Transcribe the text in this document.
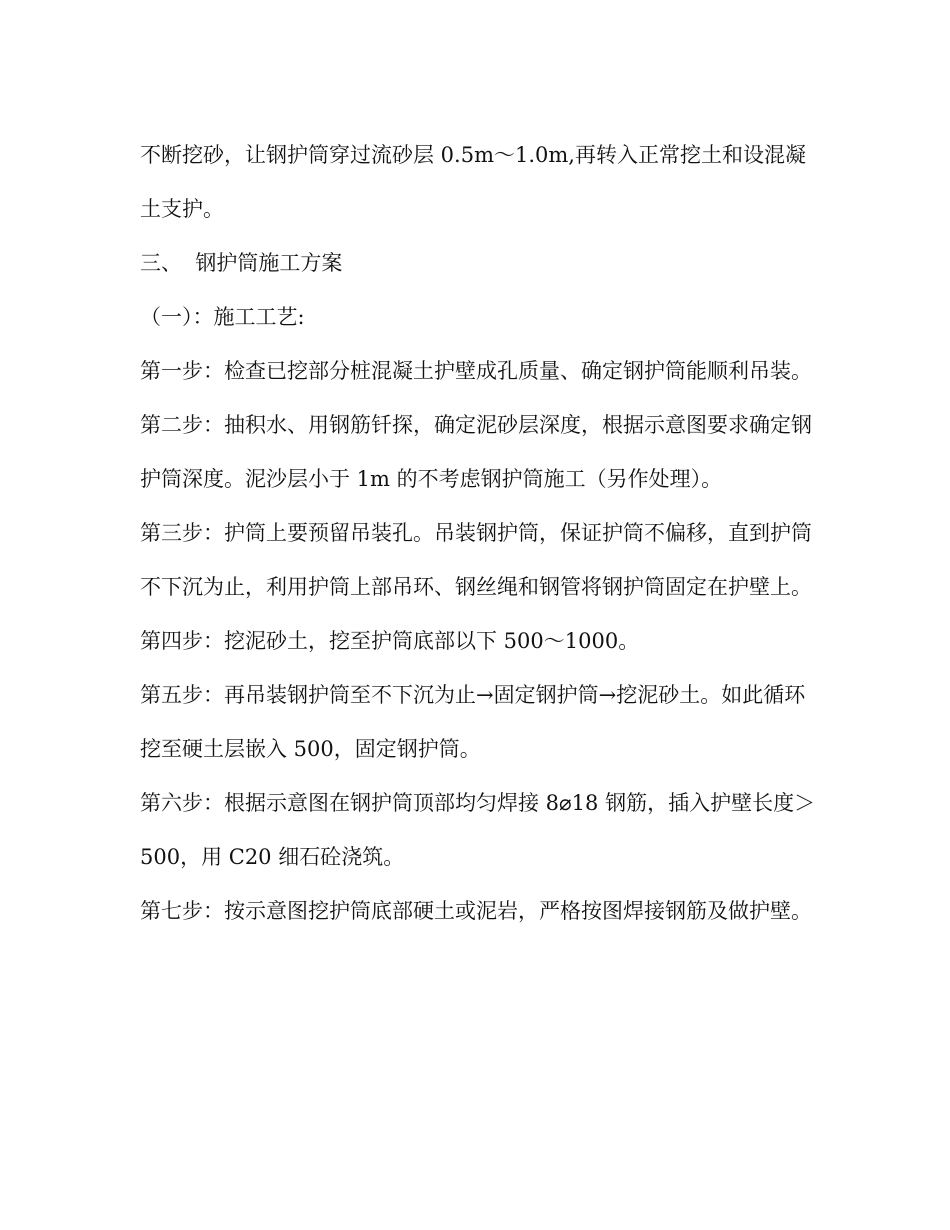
不断挖砂，让钢护筒穿过流砂层 0.5m～1.0m,再转入正常挖土和设混凝土支护。

三、  钢护筒施工方案

（一）：施工工艺:

第一步：检查已挖部分桩混凝土护壁成孔质量、确定钢护筒能顺利吊装。

第二步：抽积水、用钢筋钎探，确定泥砂层深度，根据示意图要求确定钢护筒深度。泥沙层小于 1m 的不考虑钢护筒施工（另作处理）。

第三步：护筒上要预留吊装孔。吊装钢护筒，保证护筒不偏移，直到护筒不下沉为止，利用护筒上部吊环、钢丝绳和钢管将钢护筒固定在护壁上。

第四步：挖泥砂土，挖至护筒底部以下 500～1000。

第五步：再吊装钢护筒至不下沉为止→固定钢护筒→挖泥砂土。如此循环挖至硬土层嵌入 500，固定钢护筒。

第六步：根据示意图在钢护筒顶部均匀焊接 8⌀18 钢筋，插入护壁长度＞500，用 C20 细石砼浇筑。

第七步：按示意图挖护筒底部硬土或泥岩，严格按图焊接钢筋及做护壁。
